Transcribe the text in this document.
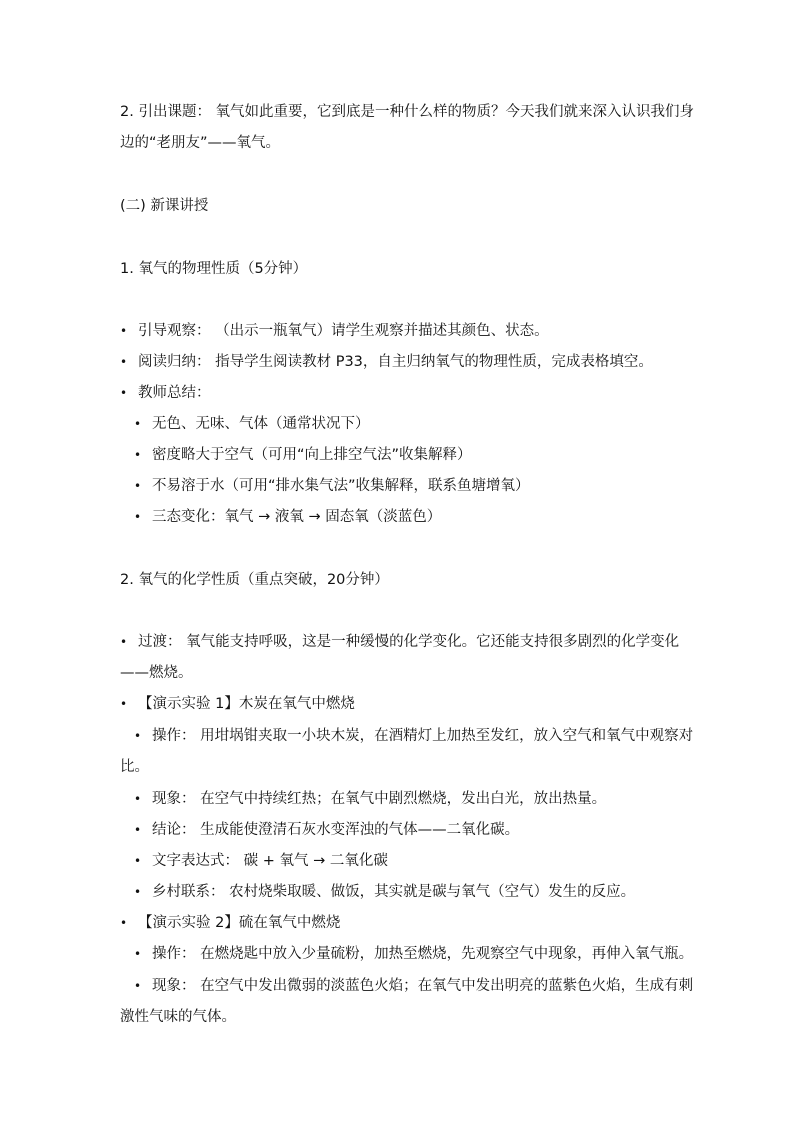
2. 引出课题： 氧气如此重要，它到底是一种什么样的物质？今天我们就来深入认识我们身
边的“老朋友”——氧气。
(二) 新课讲授
1. 氧气的物理性质（5分钟）
• 引导观察： （出示一瓶氧气）请学生观察并描述其颜色、状态。
• 阅读归纳： 指导学生阅读教材 P33，自主归纳氧气的物理性质，完成表格填空。
• 教师总结：
• 无色、无味、气体（通常状况下）
• 密度略大于空气（可用“向上排空气法”收集解释）
• 不易溶于水（可用“排水集气法”收集解释，联系鱼塘增氧）
• 三态变化：氧气 → 液氧 → 固态氧（淡蓝色）
2. 氧气的化学性质（重点突破，20分钟）
• 过渡： 氧气能支持呼吸，这是一种缓慢的化学变化。它还能支持很多剧烈的化学变化
——燃烧。
• 【演示实验 1】木炭在氧气中燃烧
• 操作： 用坩埚钳夹取一小块木炭，在酒精灯上加热至发红，放入空气和氧气中观察对
比。
• 现象： 在空气中持续红热；在氧气中剧烈燃烧，发出白光，放出热量。
• 结论： 生成能使澄清石灰水变浑浊的气体——二氧化碳。
• 文字表达式： 碳 + 氧气 → 二氧化碳
• 乡村联系： 农村烧柴取暖、做饭，其实就是碳与氧气（空气）发生的反应。
• 【演示实验 2】硫在氧气中燃烧
• 操作： 在燃烧匙中放入少量硫粉，加热至燃烧，先观察空气中现象，再伸入氧气瓶。
• 现象： 在空气中发出微弱的淡蓝色火焰；在氧气中发出明亮的蓝紫色火焰，生成有刺
激性气味的气体。
